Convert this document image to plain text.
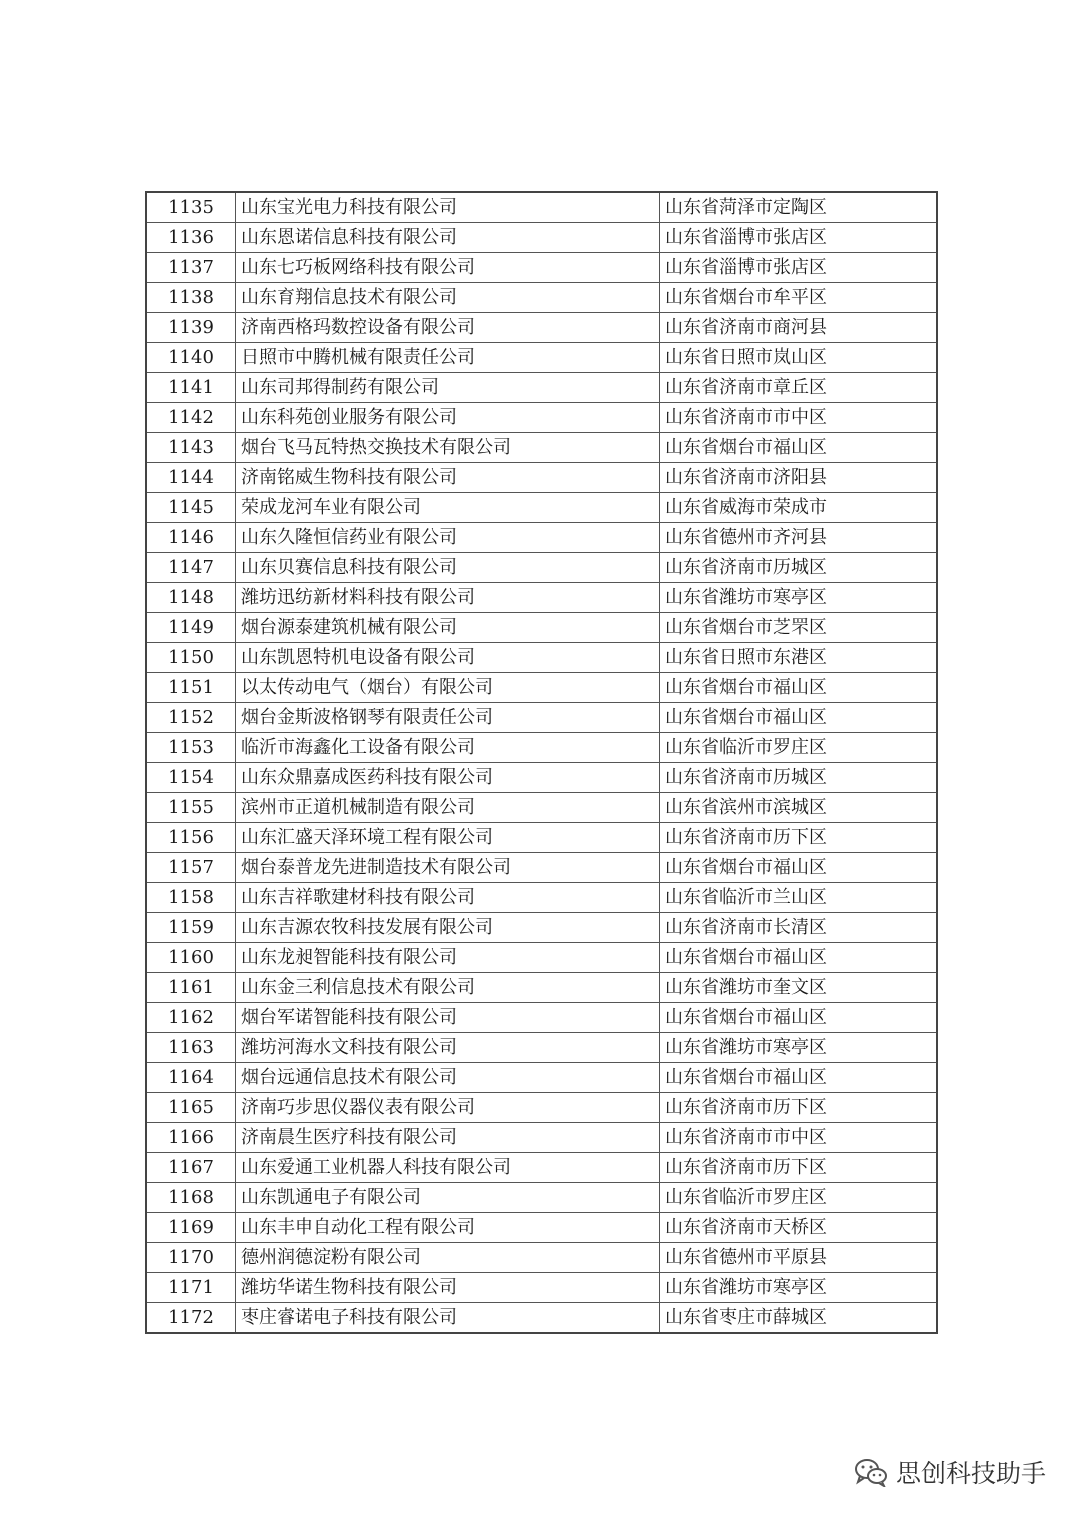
1135	山东宝光电力科技有限公司	山东省菏泽市定陶区
1136	山东恩诺信息科技有限公司	山东省淄博市张店区
1137	山东七巧板网络科技有限公司	山东省淄博市张店区
1138	山东育翔信息技术有限公司	山东省烟台市牟平区
1139	济南西格玛数控设备有限公司	山东省济南市商河县
1140	日照市中腾机械有限责任公司	山东省日照市岚山区
1141	山东司邦得制药有限公司	山东省济南市章丘区
1142	山东科苑创业服务有限公司	山东省济南市市中区
1143	烟台飞马瓦特热交换技术有限公司	山东省烟台市福山区
1144	济南铭威生物科技有限公司	山东省济南市济阳县
1145	荣成龙河车业有限公司	山东省威海市荣成市
1146	山东久隆恒信药业有限公司	山东省德州市齐河县
1147	山东贝赛信息科技有限公司	山东省济南市历城区
1148	潍坊迅纺新材料科技有限公司	山东省潍坊市寒亭区
1149	烟台源泰建筑机械有限公司	山东省烟台市芝罘区
1150	山东凯恩特机电设备有限公司	山东省日照市东港区
1151	以太传动电气（烟台）有限公司	山东省烟台市福山区
1152	烟台金斯波格钢琴有限责任公司	山东省烟台市福山区
1153	临沂市海鑫化工设备有限公司	山东省临沂市罗庄区
1154	山东众鼎嘉成医药科技有限公司	山东省济南市历城区
1155	滨州市正道机械制造有限公司	山东省滨州市滨城区
1156	山东汇盛天泽环境工程有限公司	山东省济南市历下区
1157	烟台泰普龙先进制造技术有限公司	山东省烟台市福山区
1158	山东吉祥歌建材科技有限公司	山东省临沂市兰山区
1159	山东吉源农牧科技发展有限公司	山东省济南市长清区
1160	山东龙昶智能科技有限公司	山东省烟台市福山区
1161	山东金三利信息技术有限公司	山东省潍坊市奎文区
1162	烟台军诺智能科技有限公司	山东省烟台市福山区
1163	潍坊河海水文科技有限公司	山东省潍坊市寒亭区
1164	烟台远通信息技术有限公司	山东省烟台市福山区
1165	济南巧步思仪器仪表有限公司	山东省济南市历下区
1166	济南晨生医疗科技有限公司	山东省济南市市中区
1167	山东爱通工业机器人科技有限公司	山东省济南市历下区
1168	山东凯通电子有限公司	山东省临沂市罗庄区
1169	山东丰申自动化工程有限公司	山东省济南市天桥区
1170	德州润德淀粉有限公司	山东省德州市平原县
1171	潍坊华诺生物科技有限公司	山东省潍坊市寒亭区
1172	枣庄睿诺电子科技有限公司	山东省枣庄市薛城区
思创科技助手
